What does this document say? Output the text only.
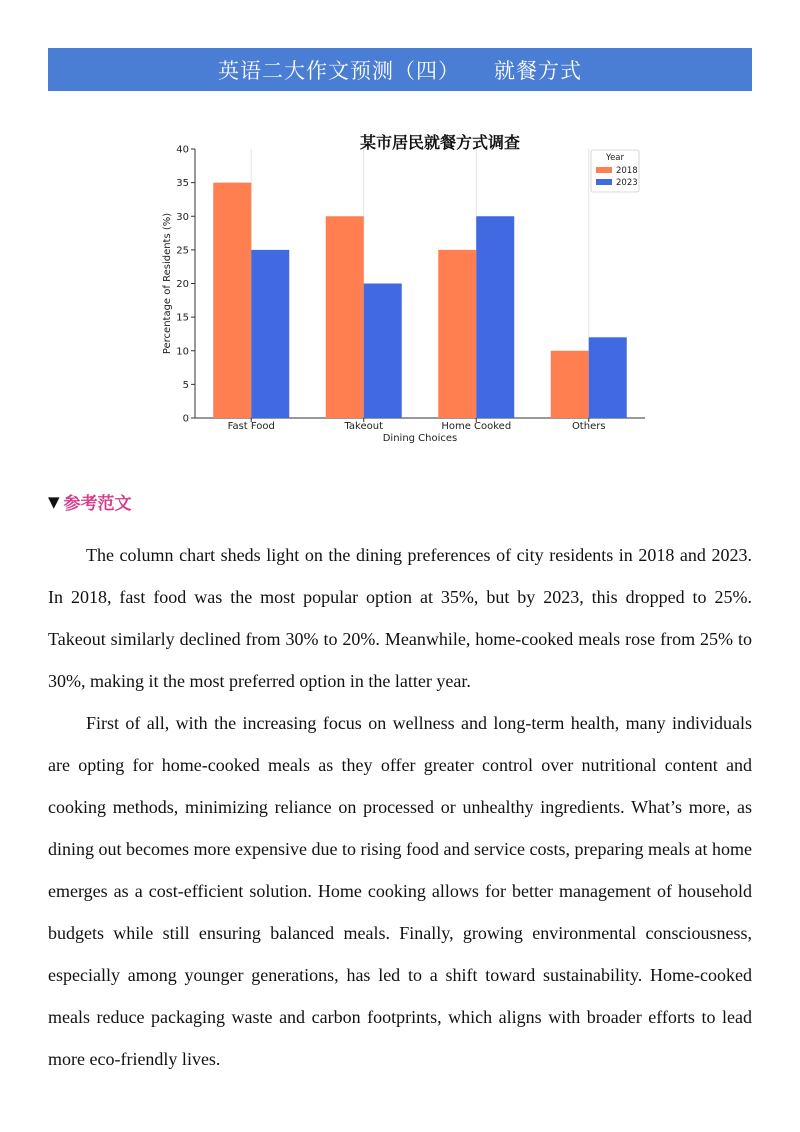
英语二大作文预测（四） 就餐方式
某市居民就餐方式调查
0
5
10
15
20
25
30
35
40
Fast Food	Takeout	Home Cooked	Others
Dining Choices
Percentage of Residents (%)
Year
2018
2023
▼ 参考范文

The column chart sheds light on the dining preferences of city residents in 2018 and 2023. In 2018, fast food was the most popular option at 35%, but by 2023, this dropped to 25%. Takeout similarly declined from 30% to 20%. Meanwhile, home-cooked meals rose from 25% to 30%, making it the most preferred option in the latter year.

First of all, with the increasing focus on wellness and long-term health, many individuals are opting for home-cooked meals as they offer greater control over nutritional content and cooking methods, minimizing reliance on processed or unhealthy ingredients. What’s more, as dining out becomes more expensive due to rising food and service costs, preparing meals at home emerges as a cost-efficient solution. Home cooking allows for better management of household budgets while still ensuring balanced meals. Finally, growing environmental consciousness, especially among younger generations, has led to a shift toward sustainability. Home-cooked meals reduce packaging waste and carbon footprints, which aligns with broader efforts to lead more eco-friendly lives.
